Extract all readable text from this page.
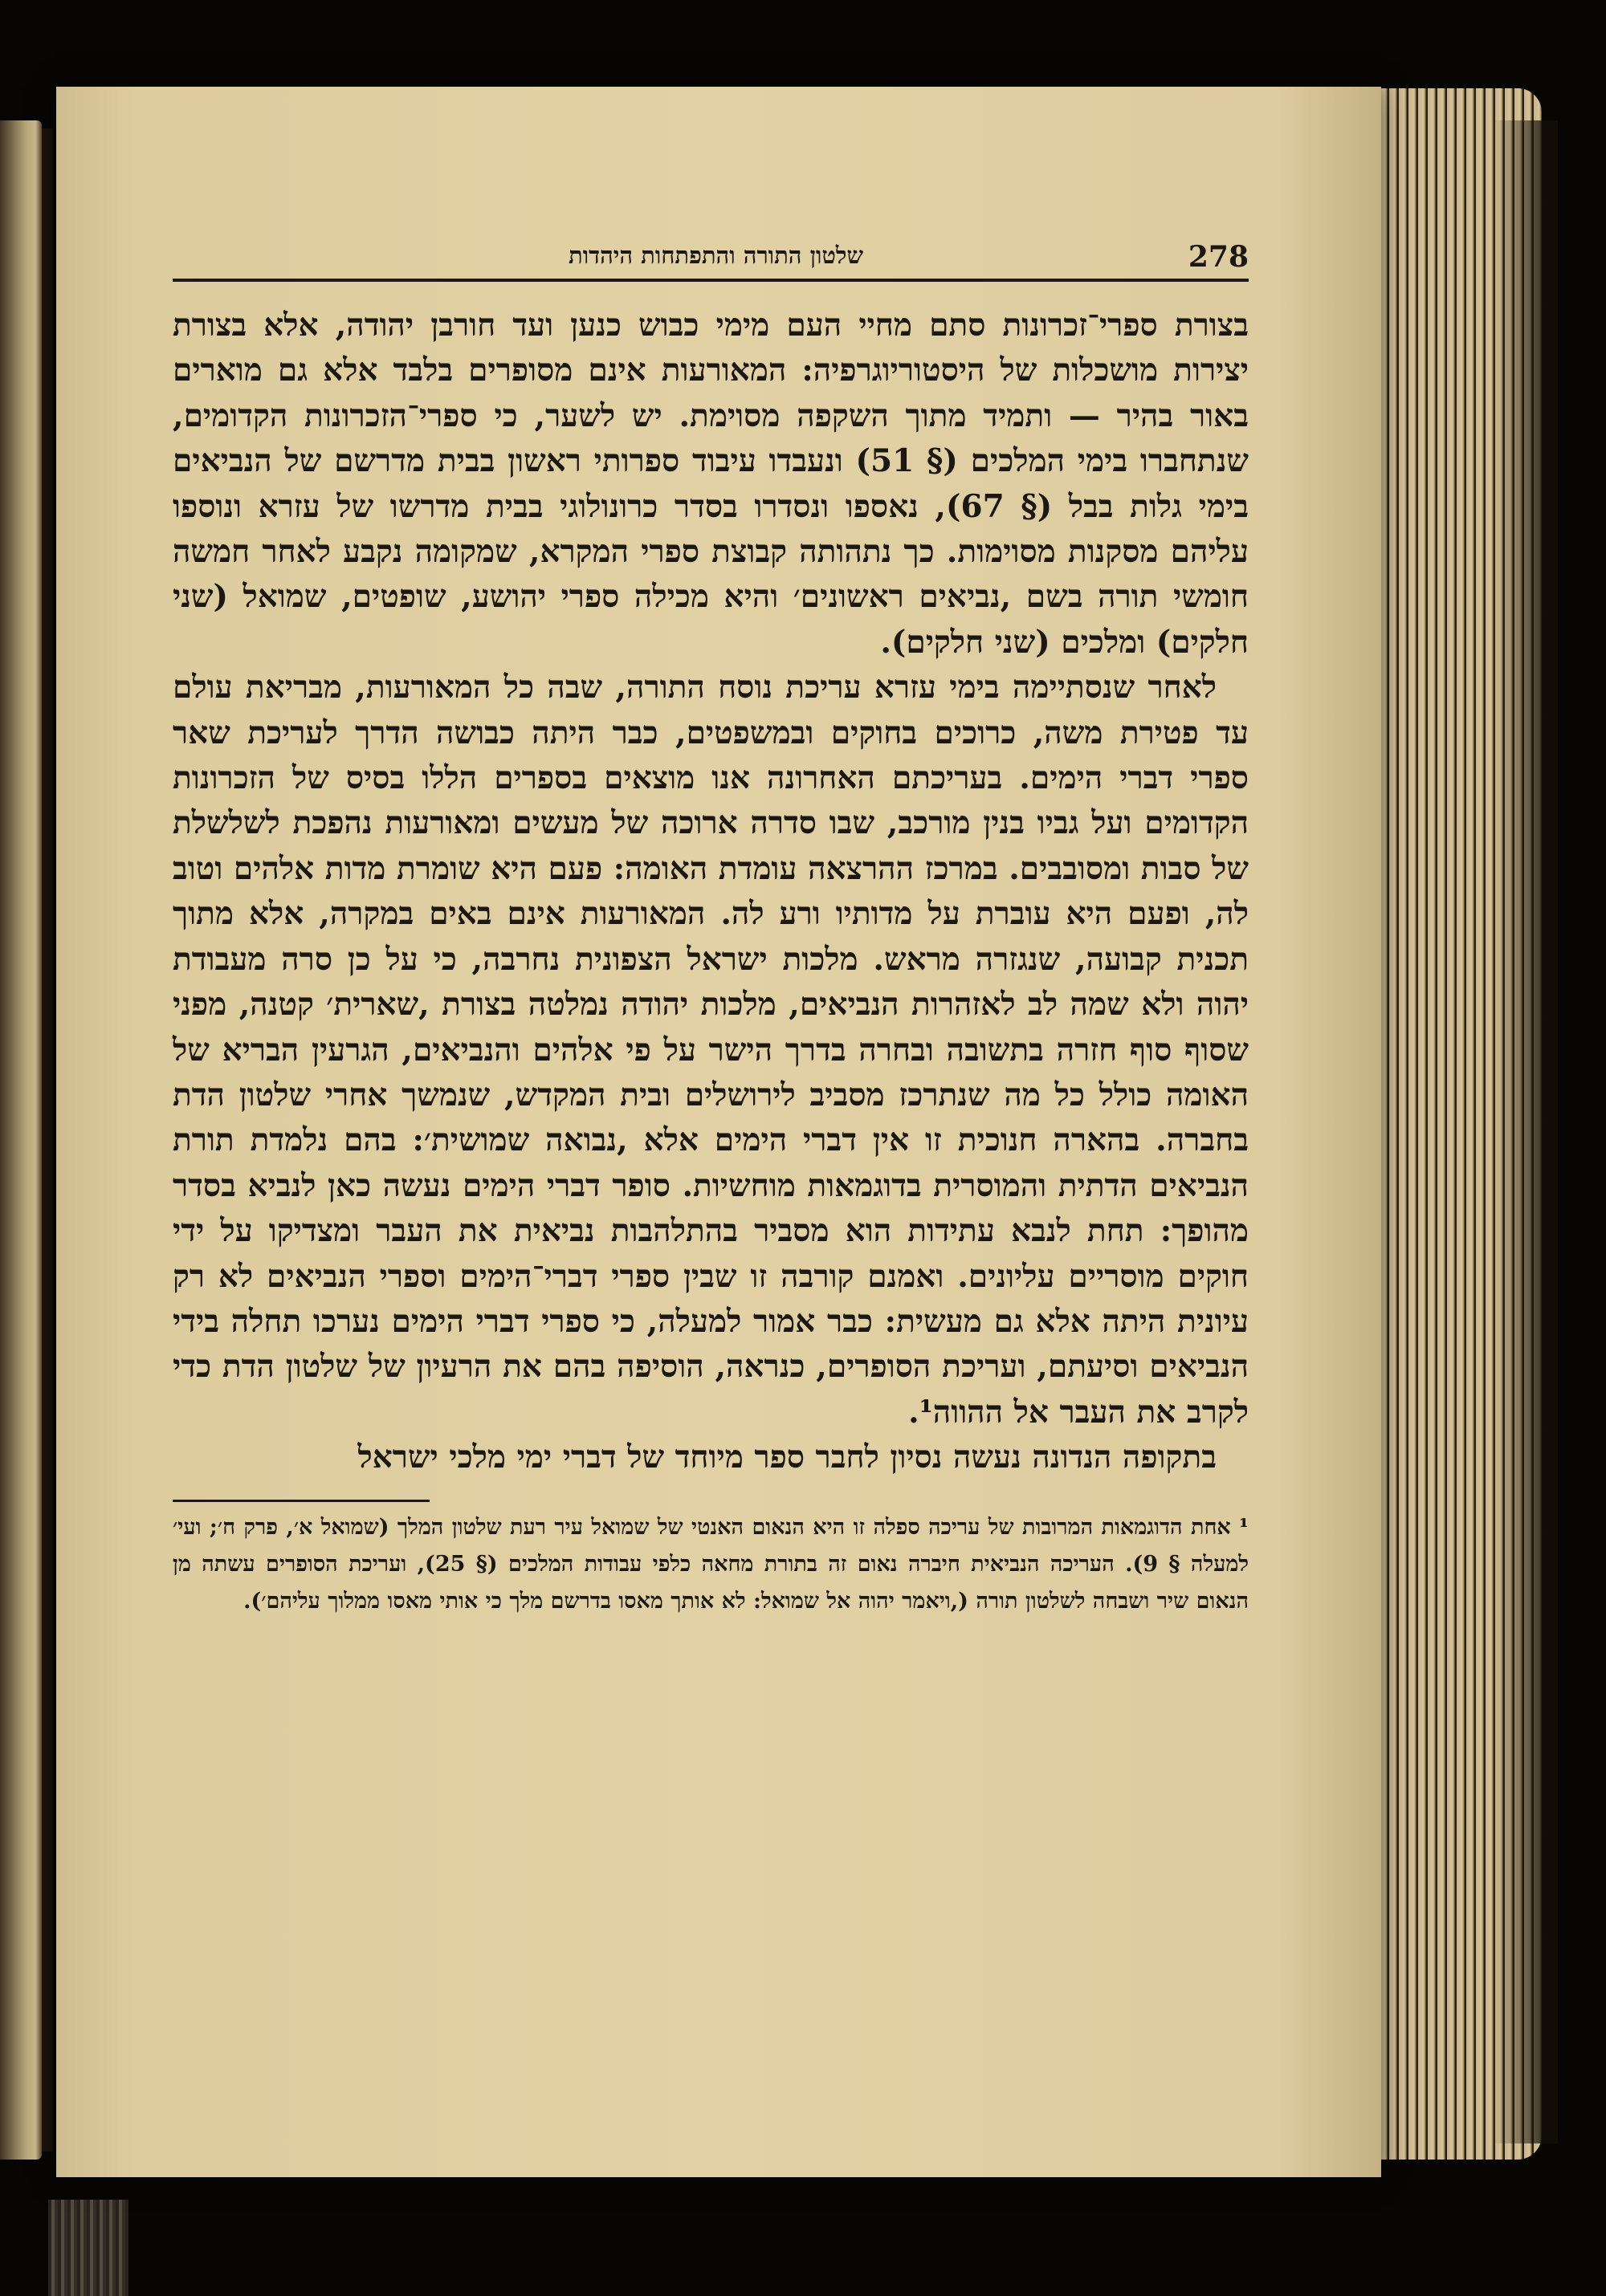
278
שלטון התורה והתפתחות היהדות

בצורת ספרי־זכרונות סתם מחיי העם מימי כבוש כנען ועד חורבן יהודה, אלא בצורת יצירות מושכלות של היסטוריוגרפיה: המאורעות אינם מסופרים בלבד אלא גם מוארים באור בהיר — ותמיד מתוך השקפה מסוימת. יש לשער, כי ספרי־הזכרונות הקדומים, שנתחברו בימי המלכים (§ 51) ונעבדו עיבוד ספרותי ראשון בבית מדרשם של הנביאים בימי גלות בבל (§ 67), נאספו ונסדרו בסדר כרונולוגי בבית מדרשו של עזרא ונוספו עליהם מסקנות מסוימות. כך נתהותה קבוצת ספרי המקרא, שמקומה נקבע לאחר חמשה חומשי תורה בשם ,נביאים ראשונים׳ והיא מכילה ספרי יהושע, שופטים, שמואל (שני חלקים) ומלכים (שני חלקים).

לאחר שנסתיימה בימי עזרא עריכת נוסח התורה, שבה כל המאורעות, מבריאת עולם עד פטירת משה, כרוכים בחוקים ובמשפטים, כבר היתה כבושה הדרך לעריכת שאר ספרי דברי הימים. בעריכתם האחרונה אנו מוצאים בספרים הללו בסיס של הזכרונות הקדומים ועל גביו בנין מורכב, שבו סדרה ארוכה של מעשים ומאורעות נהפכת לשלשלת של סבות ומסובבים. במרכז ההרצאה עומדת האומה: פעם היא שומרת מדות אלהים וטוב לה, ופעם היא עוברת על מדותיו ורע לה. המאורעות אינם באים במקרה, אלא מתוך תכנית קבועה, שנגזרה מראש. מלכות ישראל הצפונית נחרבה, כי על כן סרה מעבודת יהוה ולא שמה לב לאזהרות הנביאים, מלכות יהודה נמלטה בצורת ,שארית׳ קטנה, מפני שסוף סוף חזרה בתשובה ובחרה בדרך הישר על פי אלהים והנביאים, הגרעין הבריא של האומה כולל כל מה שנתרכז מסביב לירושלים ובית המקדש, שנמשך אחרי שלטון הדת בחברה. בהארה חנוכית זו אין דברי הימים אלא ,נבואה שמושית׳: בהם נלמדת תורת הנביאים הדתית והמוסרית בדוגמאות מוחשיות. סופר דברי הימים נעשה כאן לנביא בסדר מהופך: תחת לנבא עתידות הוא מסביר בהתלהבות נביאית את העבר ומצדיקו על ידי חוקים מוסריים עליונים. ואמנם קורבה זו שבין ספרי דברי־הימים וספרי הנביאים לא רק עיונית היתה אלא גם מעשית: כבר אמור למעלה, כי ספרי דברי הימים נערכו תחלה בידי הנביאים וסיעתם, ועריכת הסופרים, כנראה, הוסיפה בהם את הרעיון של שלטון הדת כדי לקרב את העבר אל ההווה¹.

בתקופה הנדונה נעשה נסיון לחבר ספר מיוחד של דברי ימי מלכי ישראל

¹ אחת הדוגמאות המרובות של עריכה ספלה זו היא הנאום האנטי של שמואל עיר רעת שלטון המלך (שמואל א׳, פרק ח׳; ועי׳ למעלה § 9). העריכה הנביאית חיברה נאום זה בתורת מחאה כלפי עבודות המלכים (§ 25), ועריכת הסופרים עשתה מן הנאום שיר ושבחה לשלטון תורה (,ויאמר יהוה אל שמואל: לא אותך מאסו בדרשם מלך כי אותי מאסו ממלוך עליהם׳).
